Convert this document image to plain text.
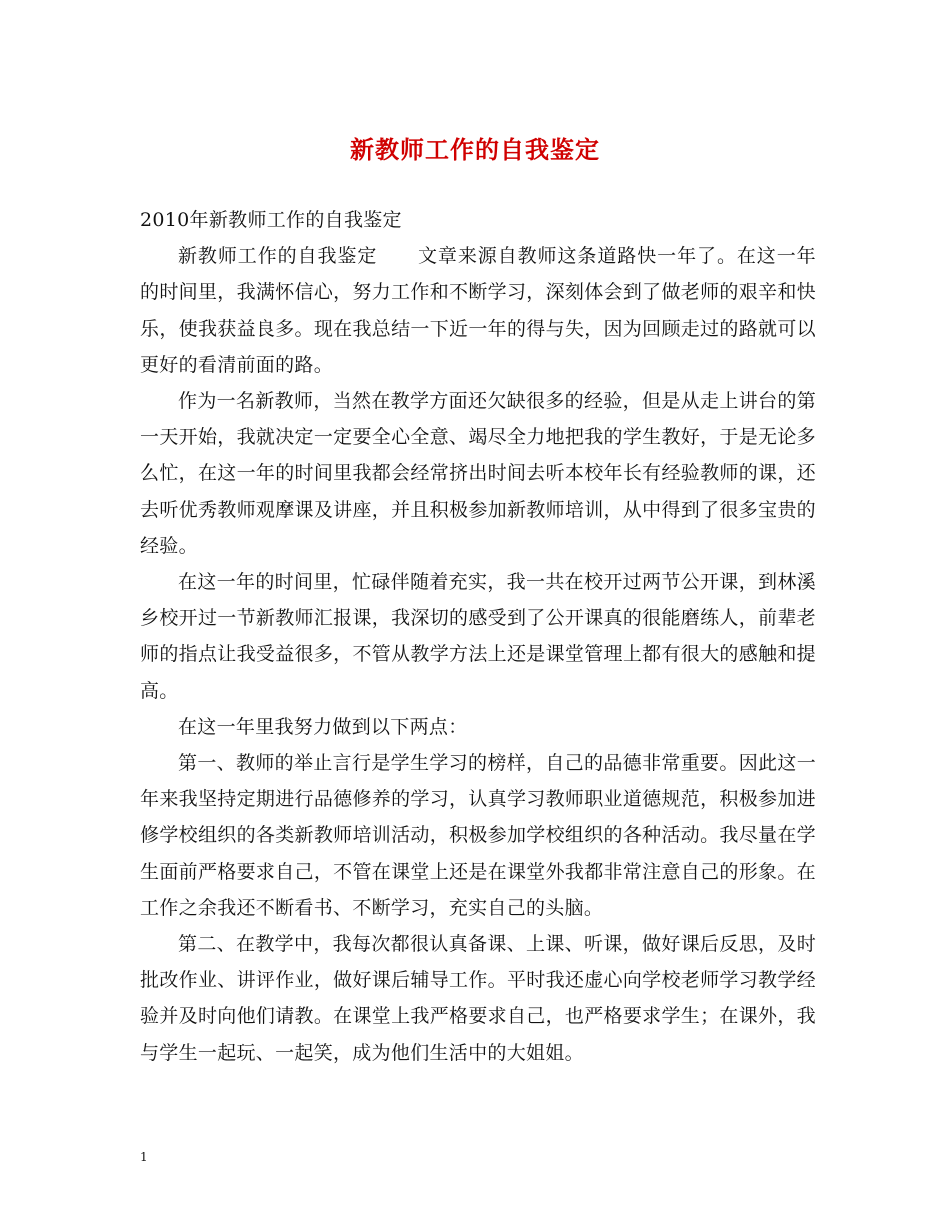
新教师工作的自我鉴定

2010年新教师工作的自我鉴定

新教师工作的自我鉴定 文章来源自教师这条道路快一年了。在这一年的时间里，我满怀信心，努力工作和不断学习，深刻体会到了做老师的艰辛和快乐，使我获益良多。现在我总结一下近一年的得与失，因为回顾走过的路就可以更好的看清前面的路。

作为一名新教师，当然在教学方面还欠缺很多的经验，但是从走上讲台的第一天开始，我就决定一定要全心全意、竭尽全力地把我的学生教好，于是无论多么忙，在这一年的时间里我都会经常挤出时间去听本校年长有经验教师的课，还去听优秀教师观摩课及讲座，并且积极参加新教师培训，从中得到了很多宝贵的经验。

在这一年的时间里，忙碌伴随着充实，我一共在校开过两节公开课，到林溪乡校开过一节新教师汇报课，我深切的感受到了公开课真的很能磨练人，前辈老师的指点让我受益很多，不管从教学方法上还是课堂管理上都有很大的感触和提高。

在这一年里我努力做到以下两点：

第一、教师的举止言行是学生学习的榜样，自己的品德非常重要。因此这一年来我坚持定期进行品德修养的学习，认真学习教师职业道德规范，积极参加进修学校组织的各类新教师培训活动，积极参加学校组织的各种活动。我尽量在学生面前严格要求自己，不管在课堂上还是在课堂外我都非常注意自己的形象。在工作之余我还不断看书、不断学习，充实自己的头脑。

第二、在教学中，我每次都很认真备课、上课、听课，做好课后反思，及时批改作业、讲评作业，做好课后辅导工作。平时我还虚心向学校老师学习教学经验并及时向他们请教。在课堂上我严格要求自己，也严格要求学生；在课外，我与学生一起玩、一起笑，成为他们生活中的大姐姐。

1
